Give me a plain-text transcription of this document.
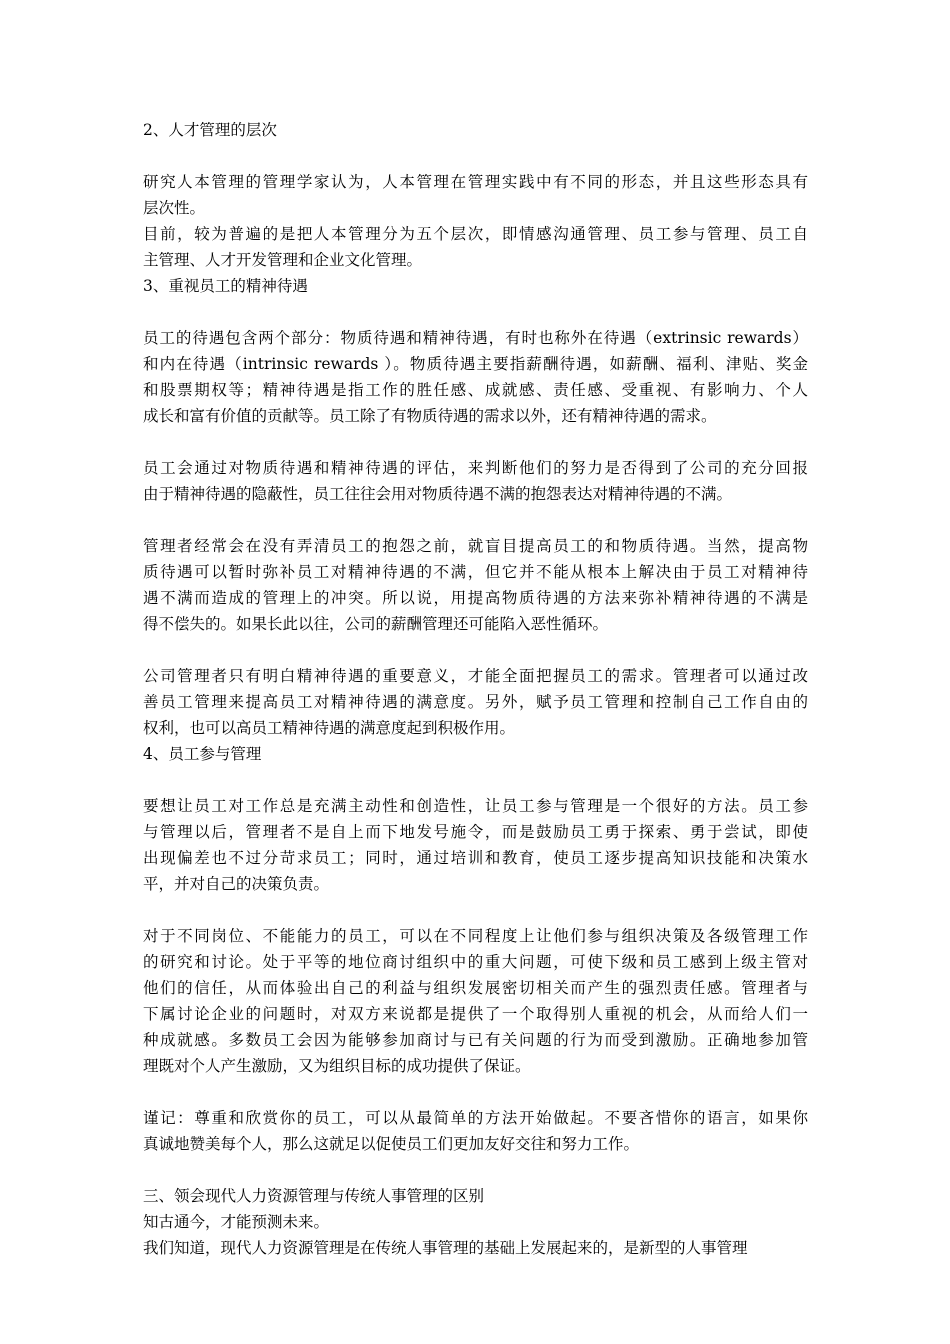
2、人才管理的层次
研究人本管理的管理学家认为，人本管理在管理实践中有不同的形态，并且这些形态具有
层次性。
目前，较为普遍的是把人本管理分为五个层次，即情感沟通管理、员工参与管理、员工自
主管理、人才开发管理和企业文化管理。
3、重视员工的精神待遇
员工的待遇包含两个部分：物质待遇和精神待遇，有时也称外在待遇（extrinsic rewards）
和内在待遇（intrinsic rewards ）。物质待遇主要指薪酬待遇，如薪酬、福利、津贴、奖金
和股票期权等；精神待遇是指工作的胜任感、成就感、责任感、受重视、有影响力、个人
成长和富有价值的贡献等。员工除了有物质待遇的需求以外，还有精神待遇的需求。
员工会通过对物质待遇和精神待遇的评估，来判断他们的努力是否得到了公司的充分回报
由于精神待遇的隐蔽性，员工往往会用对物质待遇不满的抱怨表达对精神待遇的不满。
管理者经常会在没有弄清员工的抱怨之前，就盲目提高员工的和物质待遇。当然，提高物
质待遇可以暂时弥补员工对精神待遇的不满，但它并不能从根本上解决由于员工对精神待
遇不满而造成的管理上的冲突。所以说，用提高物质待遇的方法来弥补精神待遇的不满是
得不偿失的。如果长此以往，公司的薪酬管理还可能陷入恶性循环。
公司管理者只有明白精神待遇的重要意义，才能全面把握员工的需求。管理者可以通过改
善员工管理来提高员工对精神待遇的满意度。另外，赋予员工管理和控制自己工作自由的
权利，也可以高员工精神待遇的满意度起到积极作用。
4、员工参与管理
要想让员工对工作总是充满主动性和创造性，让员工参与管理是一个很好的方法。员工参
与管理以后，管理者不是自上而下地发号施令，而是鼓励员工勇于探索、勇于尝试，即使
出现偏差也不过分苛求员工；同时，通过培训和教育，使员工逐步提高知识技能和决策水
平，并对自己的决策负责。
对于不同岗位、不能能力的员工，可以在不同程度上让他们参与组织决策及各级管理工作
的研究和讨论。处于平等的地位商讨组织中的重大问题，可使下级和员工感到上级主管对
他们的信任，从而体验出自己的利益与组织发展密切相关而产生的强烈责任感。管理者与
下属讨论企业的问题时，对双方来说都是提供了一个取得别人重视的机会，从而给人们一
种成就感。多数员工会因为能够参加商讨与已有关问题的行为而受到激励。正确地参加管
理既对个人产生激励，又为组织目标的成功提供了保证。
谨记：尊重和欣赏你的员工，可以从最简单的方法开始做起。不要吝惜你的语言，如果你
真诚地赞美每个人，那么这就足以促使员工们更加友好交往和努力工作。
三、领会现代人力资源管理与传统人事管理的区别
知古通今，才能预测未来。
我们知道，现代人力资源管理是在传统人事管理的基础上发展起来的，是新型的人事管理
